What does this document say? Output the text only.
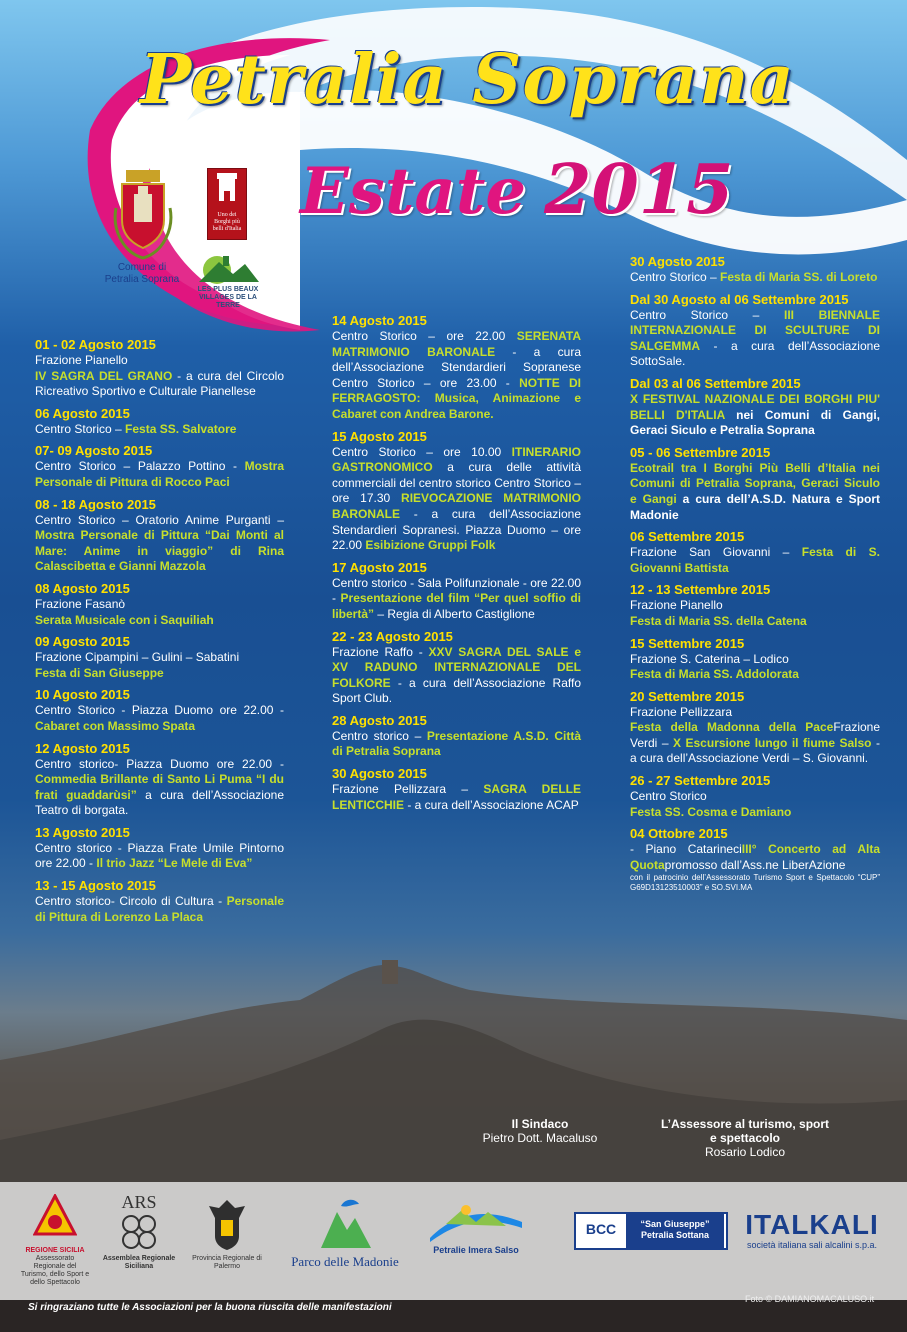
Petralia Soprana
Estate 2015
Comune di
Petralia Soprana
Uno dei Borghi più belli d'Italia
LES PLUS BEAUX VILLAGES DE LA TERRE
01 - 02 Agosto 2015
Frazione Pianello
IV SAGRA DEL GRANO - a cura del Circolo Ricreativo Sportivo e Culturale Pianellese
06 Agosto 2015
Centro Storico – Festa SS. Salvatore
07- 09 Agosto 2015
Centro Storico – Palazzo Pottino - Mostra Personale di Pittura di Rocco Paci
08 - 18 Agosto 2015
Centro Storico – Oratorio Anime Purganti – Mostra Personale di Pittura “Dai Monti al Mare: Anime in viaggio” di Rina Calascibetta e Gianni Mazzola
08 Agosto 2015
Frazione Fasanò
Serata Musicale con i Saquiliah
09 Agosto 2015
Frazione Cipampini – Gulini – Sabatini
Festa di San Giuseppe
10 Agosto 2015
Centro Storico - Piazza Duomo ore 22.00 - Cabaret con Massimo Spata
12 Agosto 2015
Centro storico- Piazza Duomo ore 22.00 - Commedia Brillante di Santo Li Puma “I du frati guaddarùsi” a cura dell’Associazione Teatro di borgata.
13 Agosto 2015
Centro storico - Piazza Frate Umile Pintorno ore 22.00 - Il trio Jazz “Le Mele di Eva”
13 - 15 Agosto 2015
Centro storico- Circolo di Cultura - Personale di Pittura di Lorenzo La Placa
14 Agosto 2015
Centro Storico – ore 22.00 SERENATA MATRIMONIO BARONALE - a cura dell’Associazione Stendardieri Sopranese Centro Storico – ore 23.00 - NOTTE DI FERRAGOSTO: Musica, Animazione e Cabaret con Andrea Barone.
15 Agosto 2015
Centro Storico – ore 10.00 ITINERARIO GASTRONOMICO a cura delle attività commerciali del centro storico Centro Storico – ore 17.30 RIEVOCAZIONE MATRIMONIO BARONALE - a cura dell’Associazione Stendardieri Sopranesi. Piazza Duomo – ore 22.00 Esibizione Gruppi Folk
17 Agosto 2015
Centro storico - Sala Polifunzionale - ore 22.00 - Presentazione del film “Per quel soffio di libertà” – Regia di Alberto Castiglione
22 - 23 Agosto 2015
Frazione Raffo - XXV SAGRA DEL SALE e XV RADUNO INTERNAZIONALE DEL FOLKORE - a cura dell’Associazione Raffo Sport Club.
28 Agosto 2015
Centro storico – Presentazione A.S.D. Città di Petralia Soprana
30 Agosto 2015
Frazione Pellizzara – SAGRA DELLE LENTICCHIE - a cura dell’Associazione ACAP
30 Agosto 2015
Centro Storico – Festa di Maria SS. di Loreto
Dal 30 Agosto al 06 Settembre 2015
Centro Storico – III BIENNALE INTERNAZIONALE DI SCULTURE DI SALGEMMA - a cura dell’Associazione SottoSale.
Dal 03 al 06 Settembre 2015
X FESTIVAL NAZIONALE DEI BORGHI PIU' BELLI D'ITALIA nei Comuni di Gangi, Geraci Siculo e Petralia Soprana
05 - 06 Settembre 2015
Ecotrail tra I Borghi Più Belli d’Italia nei Comuni di Petralia Soprana, Geraci Siculo e Gangi a cura dell’A.S.D. Natura e Sport Madonie
06 Settembre 2015
Frazione San Giovanni – Festa di S. Giovanni Battista
12 - 13 Settembre 2015
Frazione Pianello
Festa di Maria SS. della Catena
15 Settembre 2015
Frazione S. Caterina – Lodico
Festa di Maria SS. Addolorata
20 Settembre 2015
Frazione Pellizzara
Festa della Madonna della PaceFrazione Verdi – X Escursione lungo il fiume Salso - a cura dell’Associazione Verdi – S. Giovanni.
26 - 27 Settembre 2015
Centro Storico
Festa SS. Cosma e Damiano
04 Ottobre 2015
- Piano CatarineciIII° Concerto ad Alta Quotapromosso dall’Ass.ne LiberAzione

con il patrocinio dell’Assessorato Turismo Sport e Spettacolo “CUP” G69D13123510003” e SO.SVI.MA
Il Sindaco
Pietro Dott. Macaluso
L’Assessore al turismo, sport e spettacolo
Rosario Lodico
REGIONE SICILIA
Assessorato Regionale del Turismo, dello Sport e dello Spettacolo
ARS
Assemblea Regionale Siciliana
Provincia Regionale di Palermo	Parco delle Madonie
Petralie Imera Salso
BCC	“San Giuseppe” Petralia Sottana	ITALKALI
società italiana sali alcalini s.p.a.
Si ringraziano tutte le Associazioni per la buona riuscita delle manifestazioni
Foto © DAMIANOMACALUSO.it
